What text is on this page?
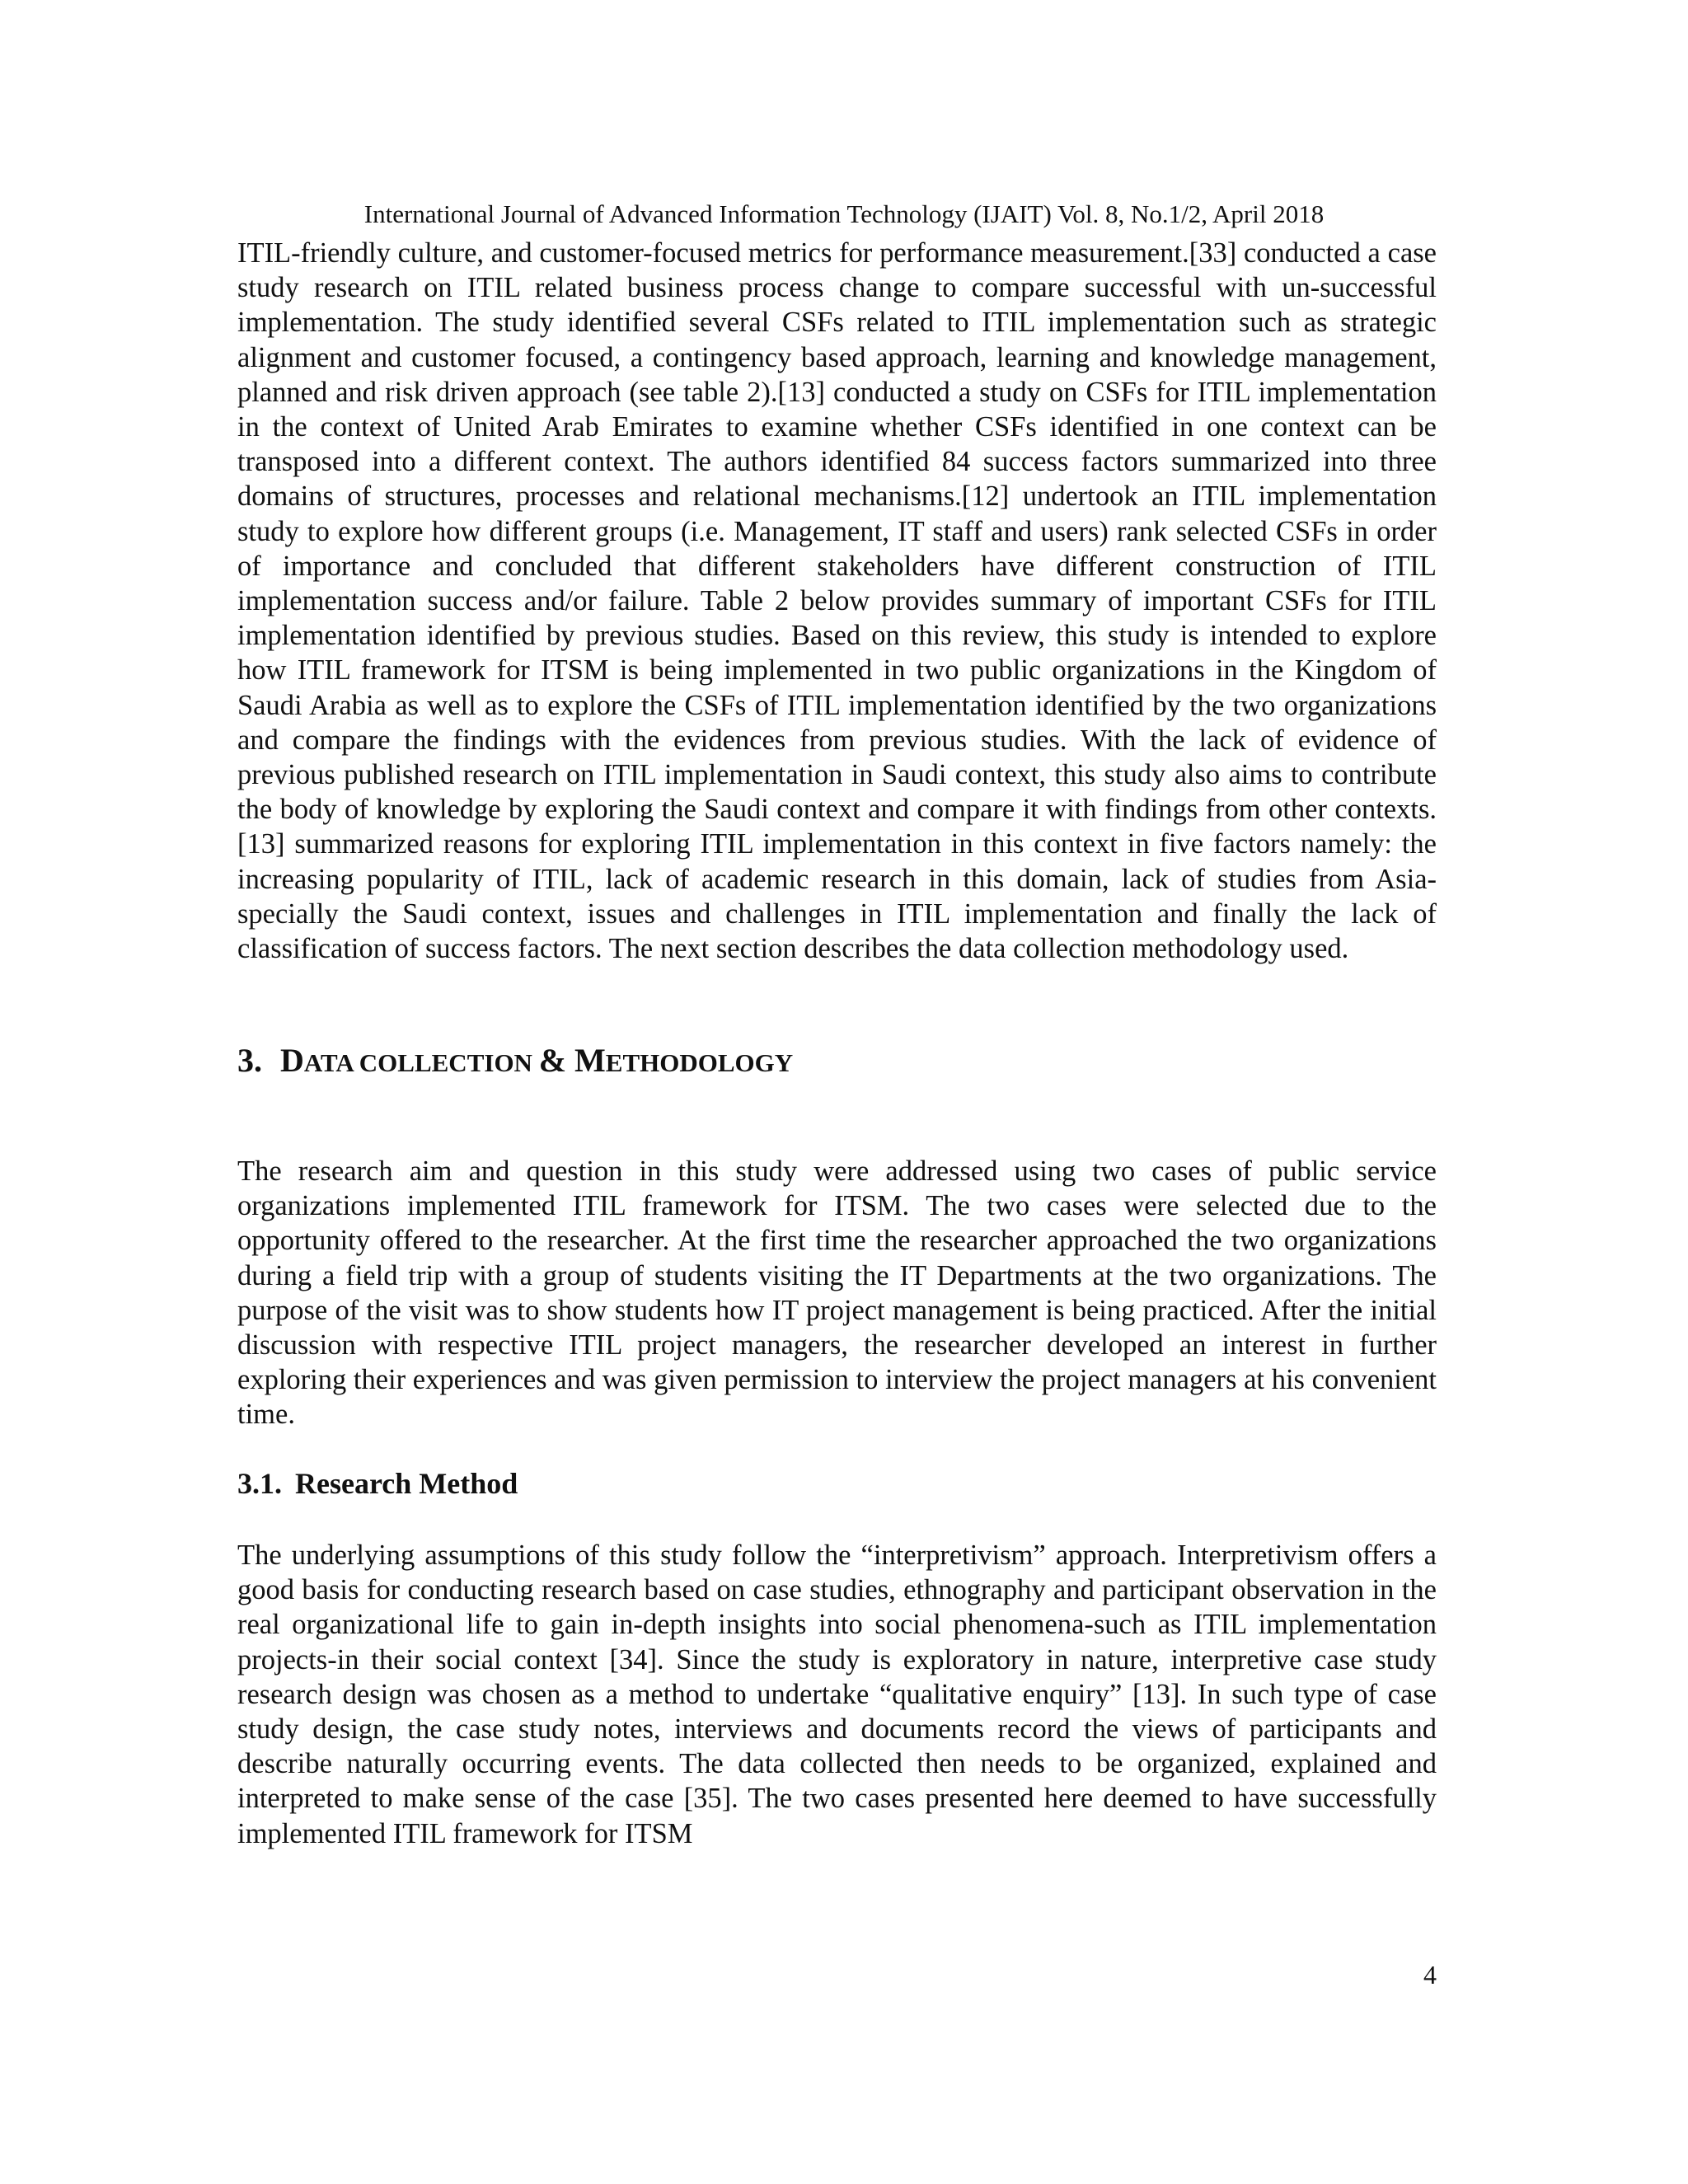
International Journal of Advanced Information Technology (IJAIT) Vol. 8, No.1/2, April 2018

ITIL-friendly culture, and customer-focused metrics for performance measurement.[33] conducted a case study research on ITIL related business process change to compare successful with un-successful implementation. The study identified several CSFs related to ITIL implementation such as strategic alignment and customer focused, a contingency based approach, learning and knowledge management, planned and risk driven approach (see table 2).[13] conducted a study on CSFs for ITIL implementation in the context of United Arab Emirates to examine whether CSFs identified in one context can be transposed into a different context. The authors identified 84 success factors summarized into three domains of structures, processes and relational mechanisms.[12] undertook an ITIL implementation study to explore how different groups (i.e. Management, IT staff and users) rank selected CSFs in order of importance and concluded that different stakeholders have different construction of ITIL implementation success and/or failure. Table 2 below provides summary of important CSFs for ITIL implementation identified by previous studies. Based on this review, this study is intended to explore how ITIL framework for ITSM is being implemented in two public organizations in the Kingdom of Saudi Arabia as well as to explore the CSFs of ITIL implementation identified by the two organizations and compare the findings with the evidences from previous studies. With the lack of evidence of previous published research on ITIL implementation in Saudi context, this study also aims to contribute the body of knowledge by exploring the Saudi context and compare it with findings from other contexts.[13] summarized reasons for exploring ITIL implementation in this context in five factors namely: the increasing popularity of ITIL, lack of academic research in this domain, lack of studies from Asia-specially the Saudi context, issues and challenges in ITIL implementation and finally the lack of classification of success factors. The next section describes the data collection methodology used.

3. DATA COLLECTION & METHODOLOGY

The research aim and question in this study were addressed using two cases of public service organizations implemented ITIL framework for ITSM. The two cases were selected due to the opportunity offered to the researcher. At the first time the researcher approached the two organizations during a field trip with a group of students visiting the IT Departments at the two organizations. The purpose of the visit was to show students how IT project management is being practiced. After the initial discussion with respective ITIL project managers, the researcher developed an interest in further exploring their experiences and was given permission to interview the project managers at his convenient time.

3.1. Research Method

The underlying assumptions of this study follow the “interpretivism” approach. Interpretivism offers a good basis for conducting research based on case studies, ethnography and participant observation in the real organizational life to gain in-depth insights into social phenomena-such as ITIL implementation projects-in their social context [34]. Since the study is exploratory in nature, interpretive case study research design was chosen as a method to undertake “qualitative enquiry” [13]. In such type of case study design, the case study notes, interviews and documents record the views of participants and describe naturally occurring events. The data collected then needs to be organized, explained and interpreted to make sense of the case [35]. The two cases presented here deemed to have successfully implemented ITIL framework for ITSM

4
